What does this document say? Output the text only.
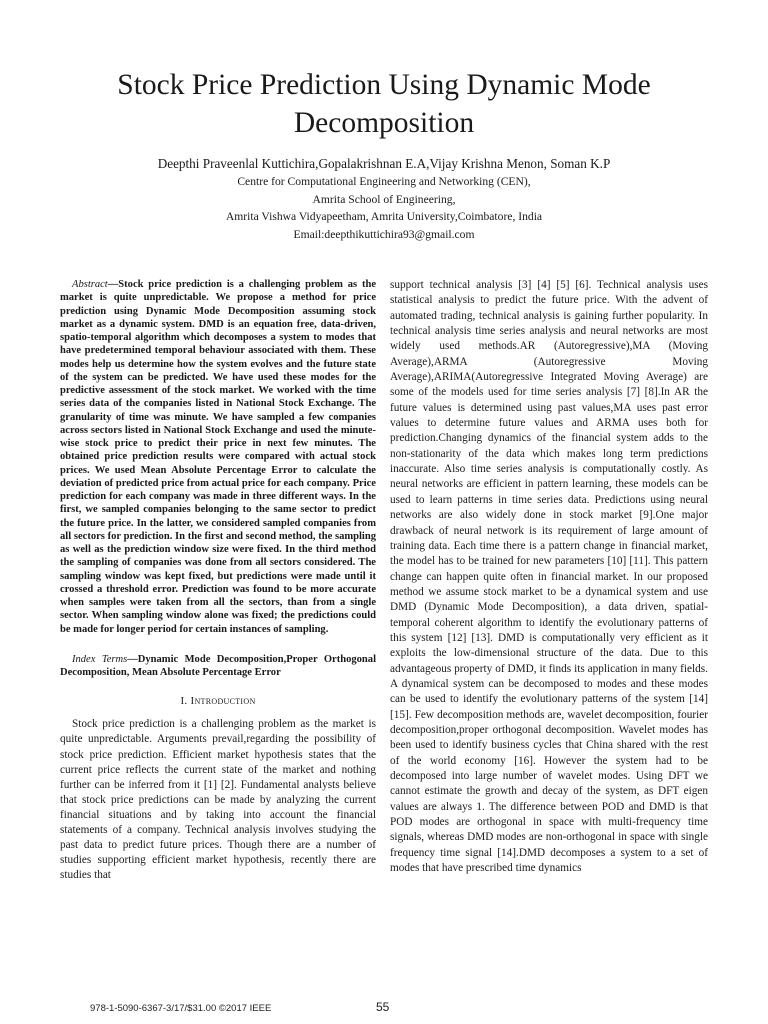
Stock Price Prediction Using Dynamic Mode Decomposition
Deepthi Praveenlal Kuttichira,Gopalakrishnan E.A,Vijay Krishna Menon, Soman K.P
Centre for Computational Engineering and Networking (CEN),
Amrita School of Engineering,
Amrita Vishwa Vidyapeetham, Amrita University,Coimbatore, India
Email:deepthikuttichira93@gmail.com

Abstract—Stock price prediction is a challenging problem as the market is quite unpredictable. We propose a method for price prediction using Dynamic Mode Decomposition assuming stock market as a dynamic system. DMD is an equation free, data-driven, spatio-temporal algorithm which decomposes a system to modes that have predetermined temporal behaviour associated with them. These modes help us determine how the system evolves and the future state of the system can be predicted. We have used these modes for the predictive assessment of the stock market. We worked with the time series data of the companies listed in National Stock Exchange. The granularity of time was minute. We have sampled a few companies across sectors listed in National Stock Exchange and used the minute-wise stock price to predict their price in next few minutes. The obtained price prediction results were compared with actual stock prices. We used Mean Absolute Percentage Error to calculate the deviation of predicted price from actual price for each company. Price prediction for each company was made in three different ways. In the first, we sampled companies belonging to the same sector to predict the future price. In the latter, we considered sampled companies from all sectors for prediction. In the first and second method, the sampling as well as the prediction window size were fixed. In the third method the sampling of companies was done from all sectors considered. The sampling window was kept fixed, but predictions were made until it crossed a threshold error. Prediction was found to be more accurate when samples were taken from all the sectors, than from a single sector. When sampling window alone was fixed; the predictions could be made for longer period for certain instances of sampling.

Index Terms—Dynamic Mode Decomposition,Proper Orthogonal Decomposition, Mean Absolute Percentage Error

I. Introduction

Stock price prediction is a challenging problem as the market is quite unpredictable. Arguments prevail,regarding the possibility of stock price prediction. Efficient market hypothesis states that the current price reflects the current state of the market and nothing further can be inferred from it [1] [2]. Fundamental analysts believe that stock price predictions can be made by analyzing the current financial situations and by taking into account the financial statements of a company. Technical analysis involves studying the past data to predict future prices. Though there are a number of studies supporting efficient market hypothesis, recently there are studies that

support technical analysis [3] [4] [5] [6]. Technical analysis uses statistical analysis to predict the future price. With the advent of automated trading, technical analysis is gaining further popularity. In technical analysis time series analysis and neural networks are most widely used methods.AR (Autoregressive),MA (Moving Average),ARMA (Autoregressive Moving Average),ARIMA(Autoregressive Integrated Moving Average) are some of the models used for time series analysis [7] [8].In AR the future values is determined using past values,MA uses past error values to determine future values and ARMA uses both for prediction.Changing dynamics of the financial system adds to the non-stationarity of the data which makes long term predictions inaccurate. Also time series analysis is computationally costly. As neural networks are efficient in pattern learning, these models can be used to learn patterns in time series data. Predictions using neural networks are also widely done in stock market [9].One major drawback of neural network is its requirement of large amount of training data. Each time there is a pattern change in financial market, the model has to be trained for new parameters [10] [11]. This pattern change can happen quite often in financial market. In our proposed method we assume stock market to be a dynamical system and use DMD (Dynamic Mode Decomposition), a data driven, spatial-temporal coherent algorithm to identify the evolutionary patterns of this system [12] [13]. DMD is computationally very efficient as it exploits the low-dimensional structure of the data. Due to this advantageous property of DMD, it finds its application in many fields. A dynamical system can be decomposed to modes and these modes can be used to identify the evolutionary patterns of the system [14] [15]. Few decomposition methods are, wavelet decomposition, fourier decomposition,proper orthogonal decomposition. Wavelet modes has been used to identify business cycles that China shared with the rest of the world economy [16]. However the system had to be decomposed into large number of wavelet modes. Using DFT we cannot estimate the growth and decay of the system, as DFT eigen values are always 1. The difference between POD and DMD is that POD modes are orthogonal in space with multi-frequency time signals, whereas DMD modes are non-orthogonal in space with single frequency time signal [14].DMD decomposes a system to a set of modes that have prescribed time dynamics

978-1-5090-6367-3/17/$31.00 ©2017 IEEE	55
